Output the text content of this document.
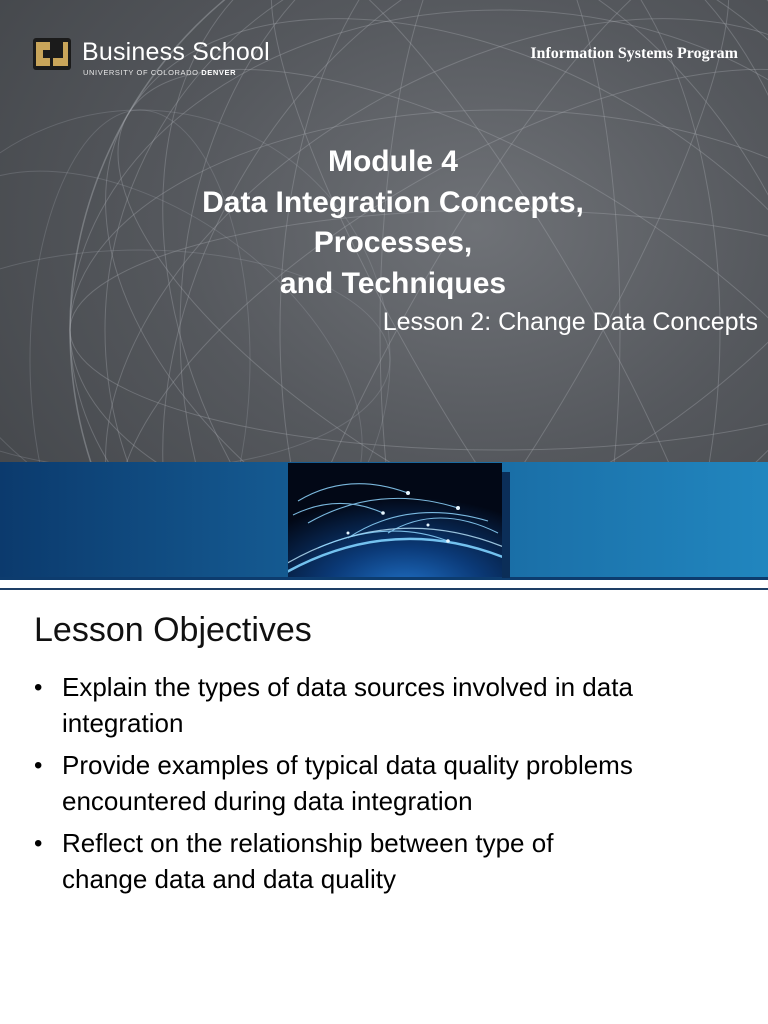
Business School
UNIVERSITY OF COLORADO DENVER
Information Systems Program
Module 4
Data Integration Concepts,
Processes,
and Techniques
Lesson 2: Change Data Concepts
Lesson Objectives
• Explain the types of data sources involved in data
integration
• Provide examples of typical data quality problems
encountered during data integration
• Reflect on the relationship between type of
change data and data quality
